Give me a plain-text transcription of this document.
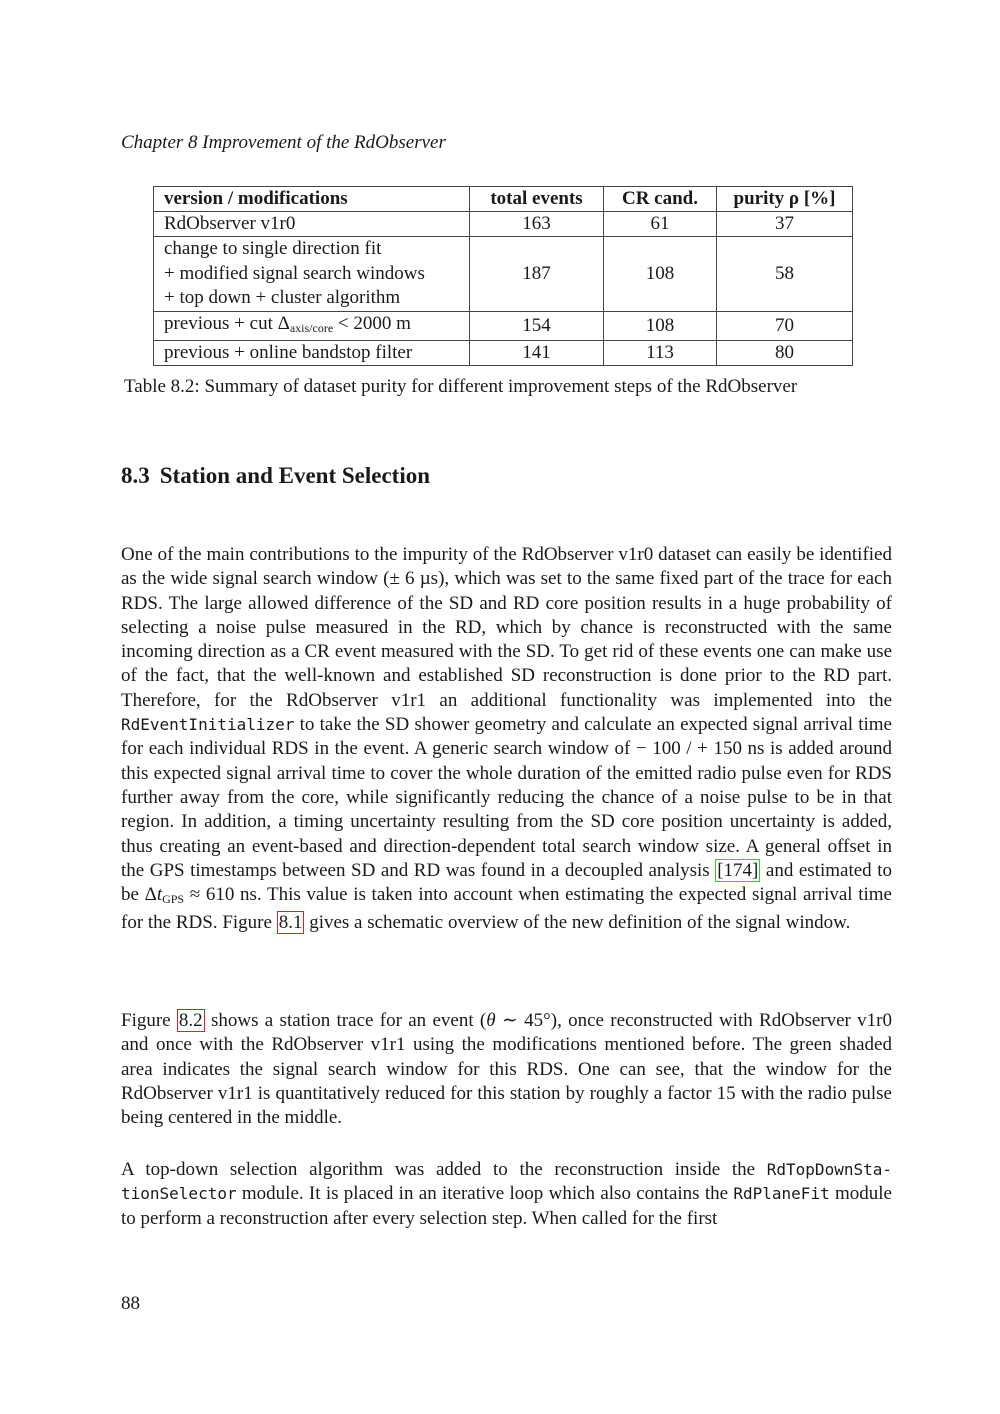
Chapter 8 Improvement of the RdObserver
version / modifications	total events	CR cand.	purity ρ [%]
RdObserver v1r0	163	61	37

change to single direction fit
+ modified signal search windows
+ top down + cluster algorithm	187	108	58
previous + cut $\Delta_{axis/core} < 2000$ m	154	108	70
previous + online bandstop filter	141	113	80
Table 8.2: Summary of dataset purity for different improvement steps of the RdObserver
8.3 Station and Event Selection
One of the main contributions to the impurity of the RdObserver v1r0 dataset can easily be identified as the wide signal search window (± 6 µs), which was set to the same fixed part of the trace for each RDS. The large allowed difference of the SD and RD core position results in a huge probability of selecting a noise pulse measured in the RD, which by chance is reconstructed with the same incoming direction as a CR event measured with the SD. To get rid of these events one can make use of the fact, that the well-known and established SD reconstruction is done prior to the RD part. Therefore, for the RdObserver v1r1 an additional functionality was implemented into the RdEventInitializer to take the SD shower geometry and calculate an expected signal arrival time for each individual RDS in the event. A generic search window of − 100 / + 150 ns is added around this expected signal arrival time to cover the whole duration of the emitted radio pulse even for RDS further away from the core, while significantly reducing the chance of a noise pulse to be in that region. In addition, a timing uncertainty resulting from the SD core position uncertainty is added, thus creating an event-based and direction-dependent total search window size. A general offset in the GPS timestamps between SD and RD was found in a decoupled analysis [174] and estimated to be $\Delta t_{GPS} \approx 610$ ns. This value is taken into account when estimating the expected signal arrival time for the RDS. Figure 8.1 gives a schematic overview of the new definition of the signal window.
Figure 8.2 shows a station trace for an event (θ ∼ 45°), once reconstructed with RdObserver v1r0 and once with the RdObserver v1r1 using the modifications mentioned before. The green shaded area indicates the signal search window for this RDS. One can see, that the window for the RdObserver v1r1 is quantitatively reduced for this station by roughly a factor 15 with the radio pulse being centered in the middle.
A top-down selection algorithm was added to the reconstruction inside the RdTopDownSta-tionSelector module. It is placed in an iterative loop which also contains the RdPlaneFit module to perform a reconstruction after every selection step. When called for the first
88
